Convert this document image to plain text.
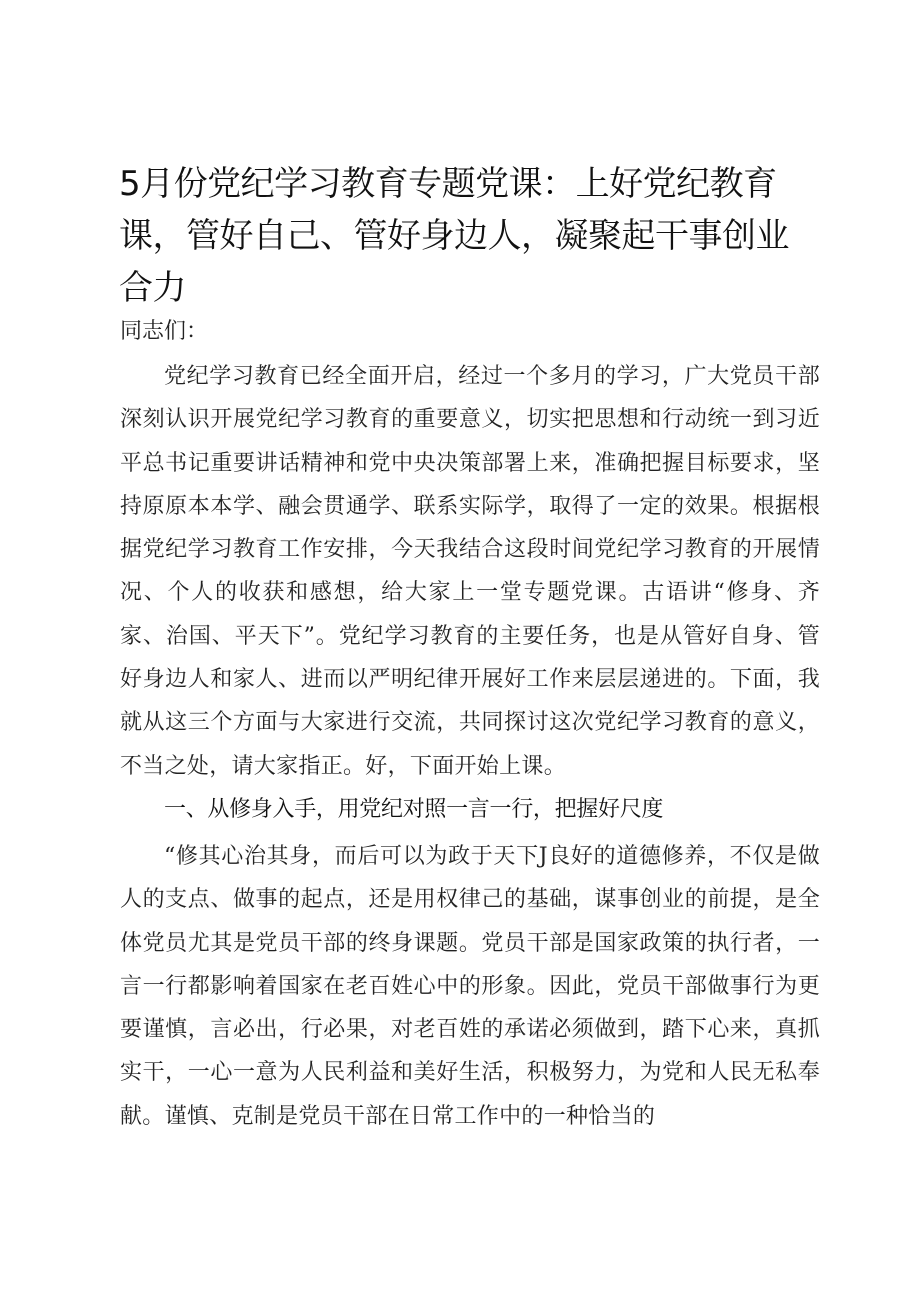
5月份党纪学习教育专题党课：上好党纪教育课，管好自己、管好身边人，凝聚起干事创业合力

同志们：

党纪学习教育已经全面开启，经过一个多月的学习，广大党员干部深刻认识开展党纪学习教育的重要意义，切实把思想和行动统一到习近平总书记重要讲话精神和党中央决策部署上来，准确把握目标要求，坚持原原本本学、融会贯通学、联系实际学，取得了一定的效果。根据根据党纪学习教育工作安排，今天我结合这段时间党纪学习教育的开展情况、个人的收获和感想，给大家上一堂专题党课。古语讲“修身、齐家、治国、平天下”。党纪学习教育的主要任务，也是从管好自身、管好身边人和家人、进而以严明纪律开展好工作来层层递进的。下面，我就从这三个方面与大家进行交流，共同探讨这次党纪学习教育的意义，不当之处，请大家指正。好，下面开始上课。

一、从修身入手，用党纪对照一言一行，把握好尺度

“修其心治其身，而后可以为政于天下J良好的道德修养，不仅是做人的支点、做事的起点，还是用权律己的基础，谋事创业的前提，是全体党员尤其是党员干部的终身课题。党员干部是国家政策的执行者，一言一行都影响着国家在老百姓心中的形象。因此，党员干部做事行为更要谨慎，言必出，行必果，对老百姓的承诺必须做到，踏下心来，真抓实干，一心一意为人民利益和美好生活，积极努力，为党和人民无私奉献。谨慎、克制是党员干部在日常工作中的一种恰当的
